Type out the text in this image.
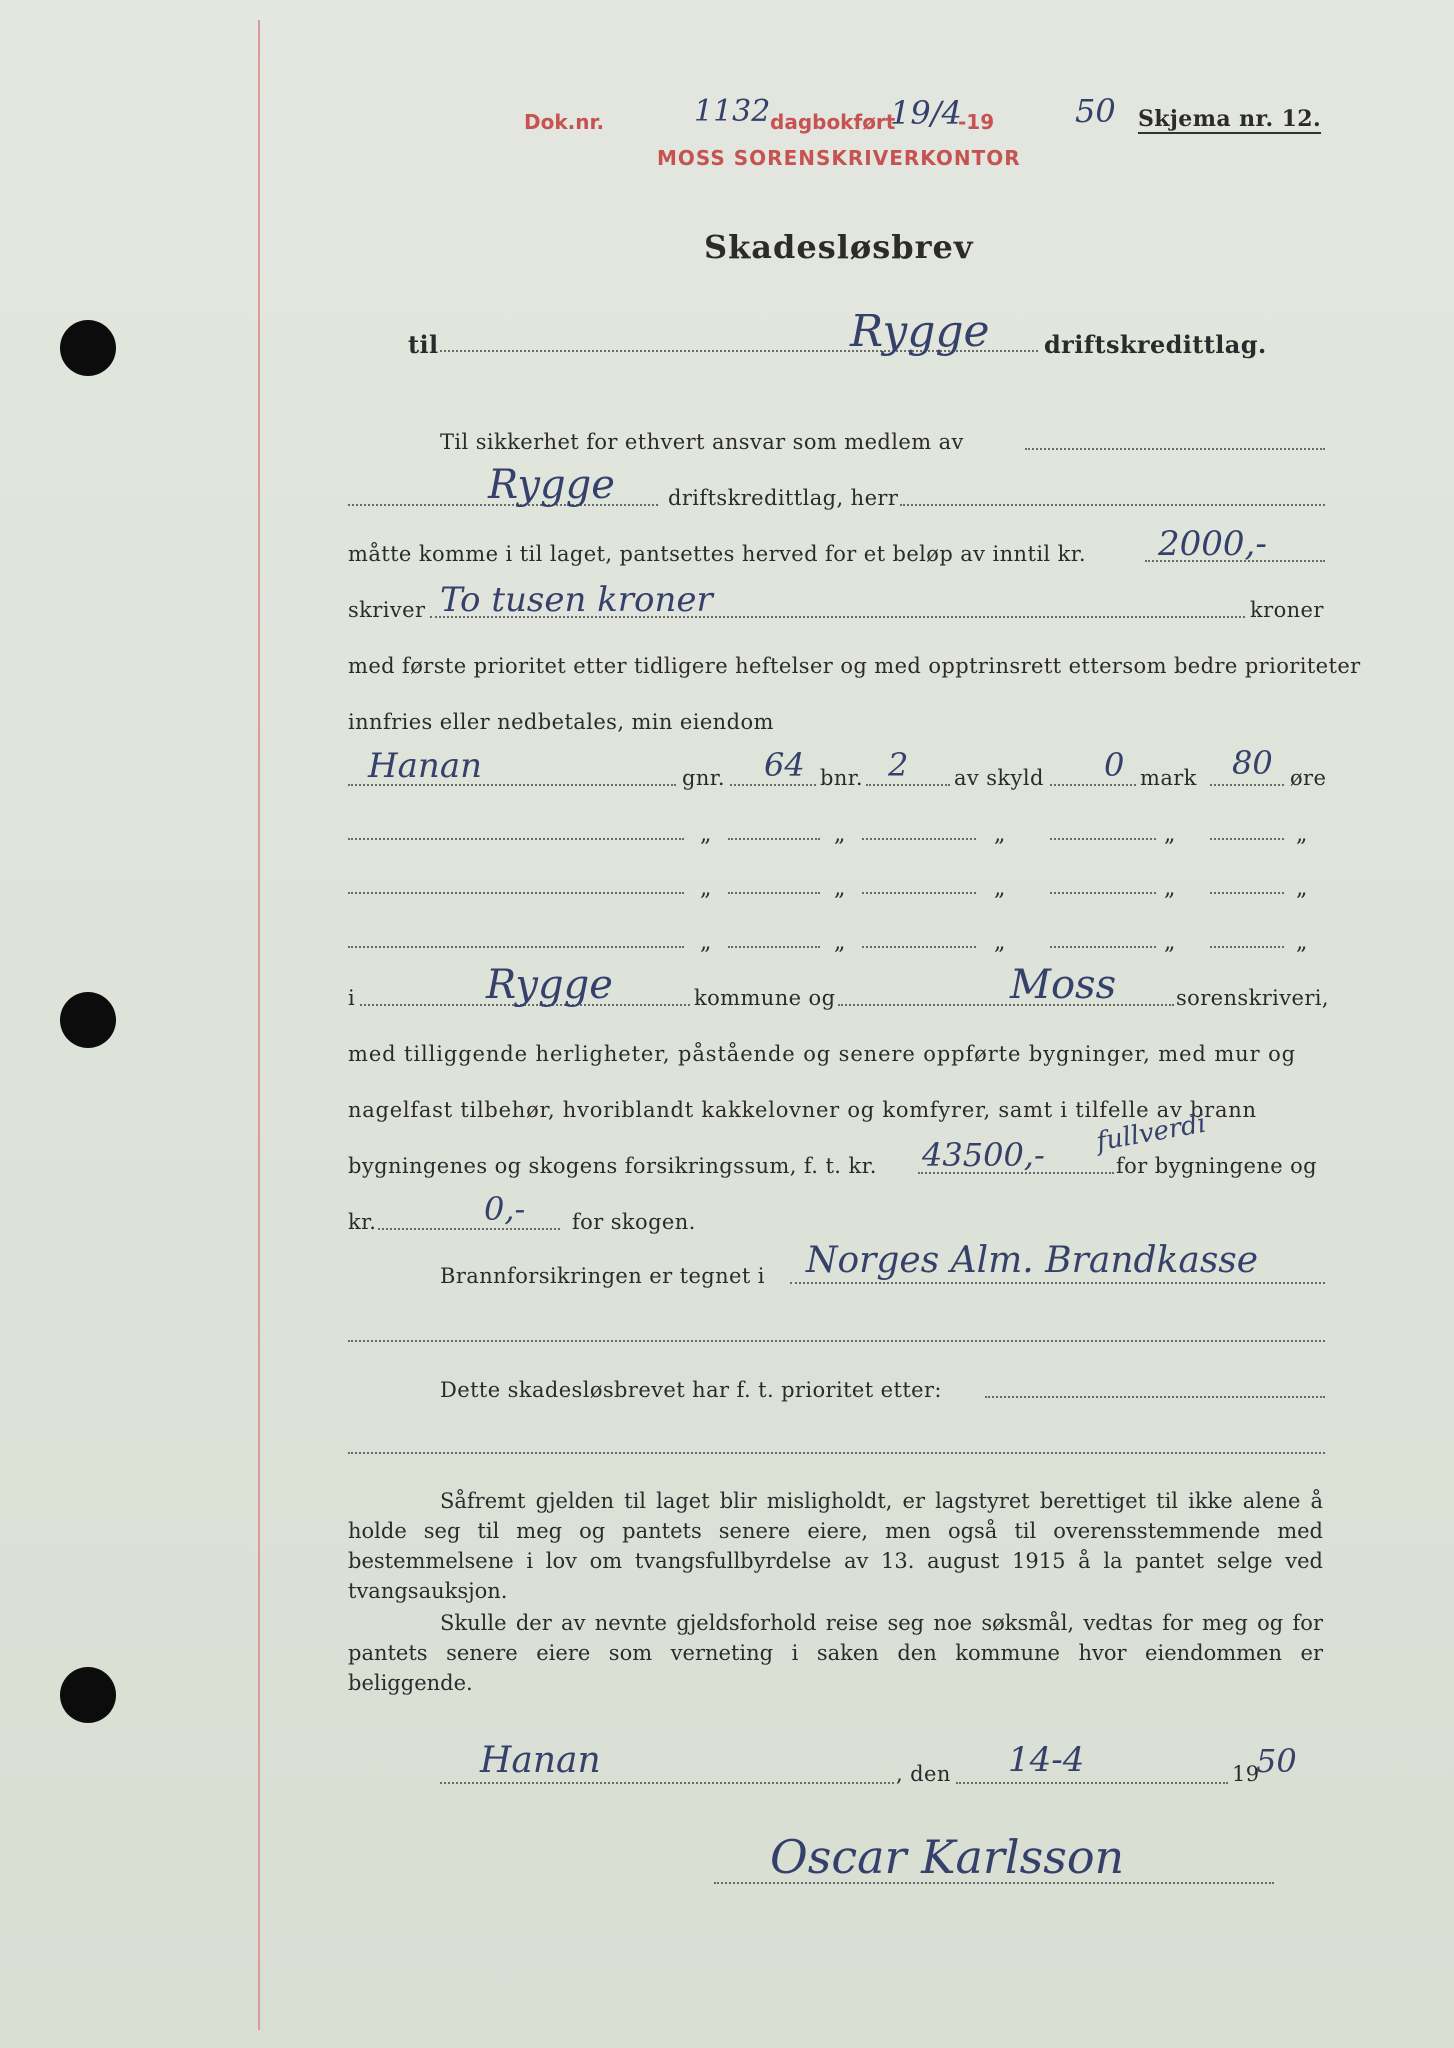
Dok.nr.	1132 dagbokført
19/4
-19	50
MOSS SORENSKRIVERKONTOR
Skjema nr. 12.
Skadesløsbrev
til	Rygge driftskredittlag.
Til sikkerhet for ethvert ansvar som medlem av
Rygge	driftskredittlag, herr
måtte komme i til laget, pantsettes herved for et beløp av inntil kr. 2000,-
skriver To tusen kroner	kroner
med første prioritet etter tidligere heftelser og med opptrinsrett ettersom bedre prioriteter
innfries eller nedbetales, min eiendom
Hanan	gnr. 64 bnr. 2 av skyld 0 mark 80 øre
„	„	„	„	„
„	„	„	„	„
„	„	„	„	„
i	Rygge	kommune og	Moss	sorenskriveri,
med tilliggende herligheter, påstående og senere oppførte bygninger, med mur og
nagelfast tilbehør, hvoriblandt kakkelovner og komfyrer, samt i tilfelle av brann
bygningenes og skogens forsikringssum, f. t. kr. 43500,- fullverdi
for bygningene og
kr.	0,- for skogen.
Brannforsikringen er tegnet i Norges Alm. Brandkasse
Dette skadesløsbrevet har f. t. prioritet etter:
Såfremt gjelden til laget blir misligholdt, er lagstyret berettiget til ikke alene å holde seg til meg og pantets senere eiere, men også til overensstemmende med bestemmelsene i lov om tvangsfullbyrdelse av 13. august 1915 å la pantet selge ved tvangsauksjon.
Skulle der av nevnte gjeldsforhold reise seg noe søksmål, vedtas for meg og for pantets senere eiere som verneting i saken den kommune hvor eiendommen er beliggende.
Hanan	, den 14-4	19
50
Oscar Karlsson
